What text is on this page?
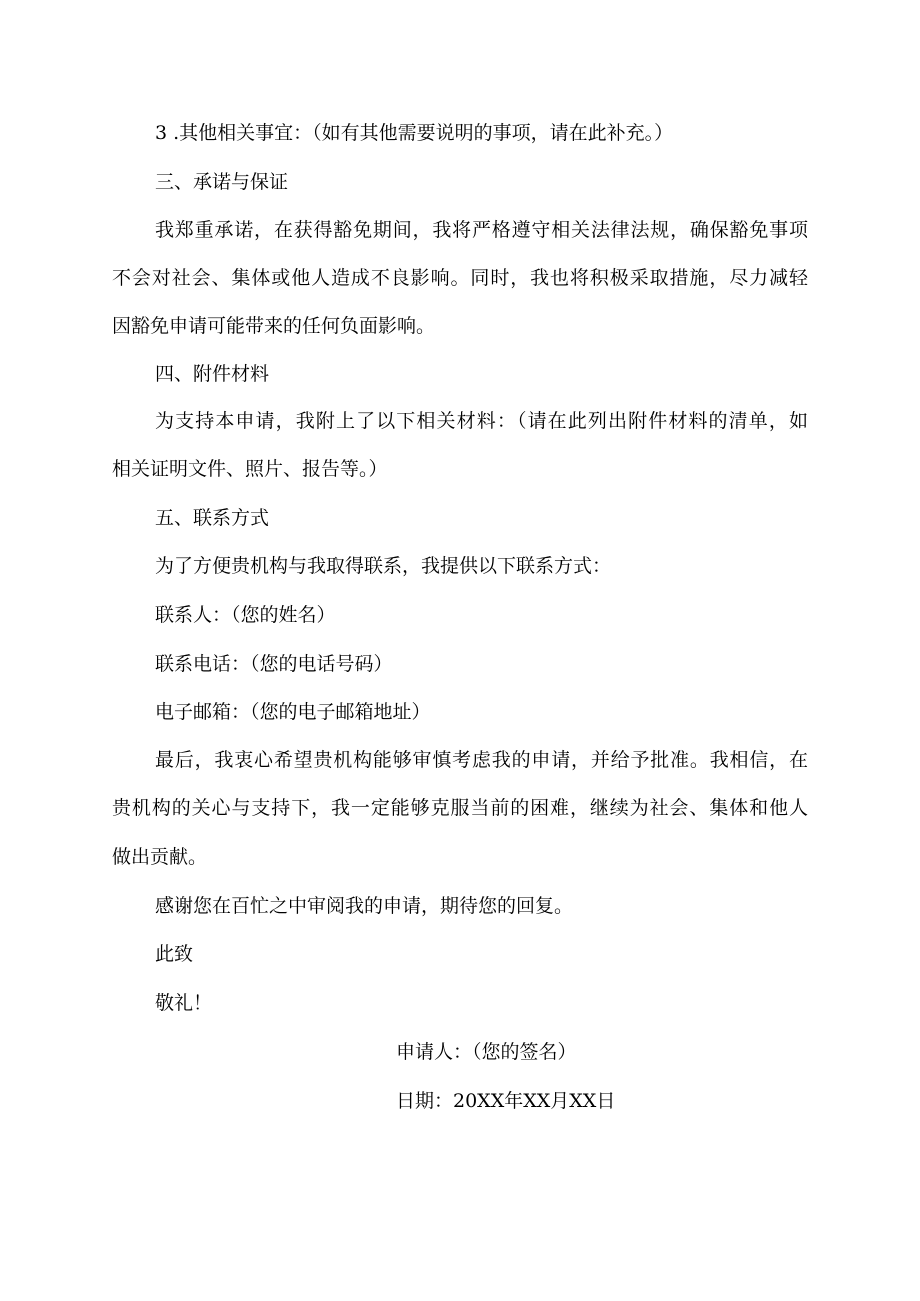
3 .其他相关事宜：（如有其他需要说明的事项，请在此补充。）

三、承诺与保证

我郑重承诺，在获得豁免期间，我将严格遵守相关法律法规，确保豁免事项

不会对社会、集体或他人造成不良影响。同时，我也将积极采取措施，尽力减轻

因豁免申请可能带来的任何负面影响。

四、附件材料

为支持本申请，我附上了以下相关材料：（请在此列出附件材料的清单，如

相关证明文件、照片、报告等。）

五、联系方式

为了方便贵机构与我取得联系，我提供以下联系方式：

联系人：（您的姓名）

联系电话：（您的电话号码）

电子邮箱：（您的电子邮箱地址）

最后，我衷心希望贵机构能够审慎考虑我的申请，并给予批准。我相信，在

贵机构的关心与支持下，我一定能够克服当前的困难，继续为社会、集体和他人

做出贡献。

感谢您在百忙之中审阅我的申请，期待您的回复。

此致

敬礼！

申请人：（您的签名）

日期：20XX年XX月XX日
